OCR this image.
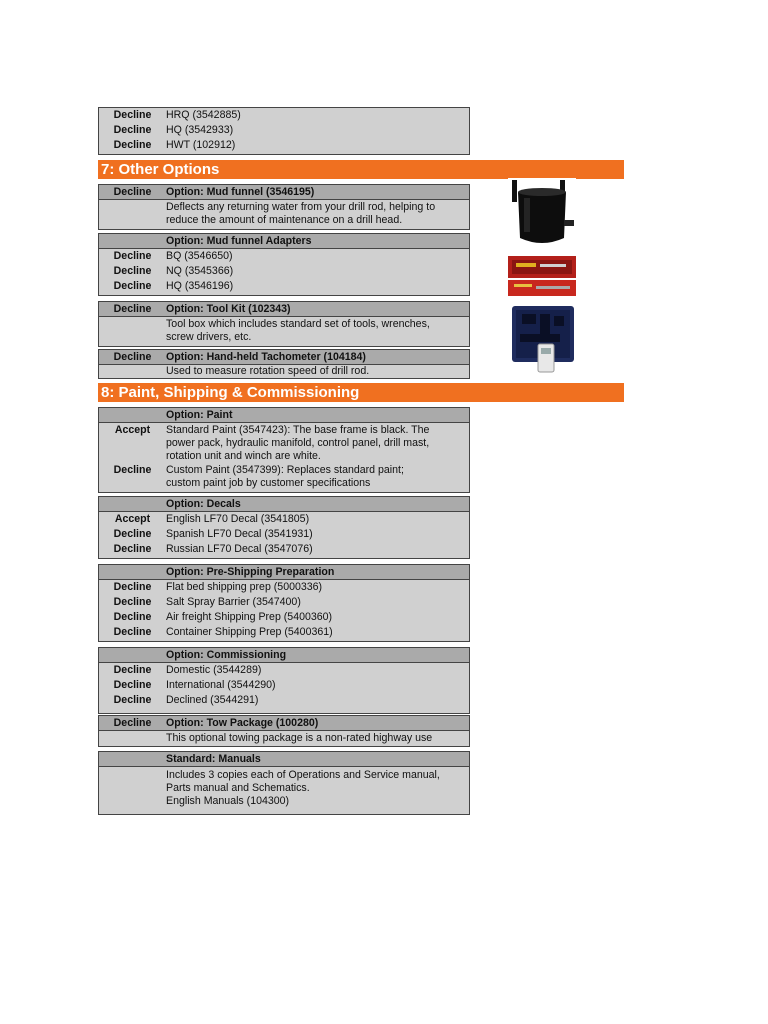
Decline	HRQ (3542885)
Decline	HQ (3542933)
Decline	HWT (102912)
7: Other Options
Decline	Option: Mud funnel (3546195)
Deflects any returning water from your drill rod, helping to
reduce the amount of maintenance on a drill head.
Option: Mud funnel Adapters
Decline	BQ (3546650)
Decline	NQ (3545366)
Decline	HQ (3546196)
Decline	Option: Tool Kit (102343)
Tool box which includes standard set of tools, wrenches,
screw drivers, etc.
Decline	Option: Hand-held Tachometer (104184)
Used to measure rotation speed of drill rod.
8: Paint, Shipping & Commissioning
Option: Paint
Accept	Standard Paint (3547423): The base frame is black. The
power pack, hydraulic manifold, control panel, drill mast,
rotation unit and winch are white.
Decline	Custom Paint (3547399): Replaces standard paint;
custom paint job by customer specifications
Option: Decals
Accept	English LF70 Decal (3541805)
Decline	Spanish LF70 Decal (3541931)
Decline	Russian LF70 Decal (3547076)
Option: Pre-Shipping Preparation
Decline	Flat bed shipping prep (5000336)
Decline	Salt Spray Barrier (3547400)
Decline	Air freight Shipping Prep (5400360)
Decline	Container Shipping Prep (5400361)
Option: Commissioning
Decline	Domestic (3544289)
Decline	International (3544290)
Decline	Declined (3544291)
Decline	Option: Tow Package (100280)
This optional towing package is a non-rated highway use
Standard: Manuals
Includes 3 copies each of Operations and Service manual,
Parts manual and Schematics.
English Manuals (104300)
